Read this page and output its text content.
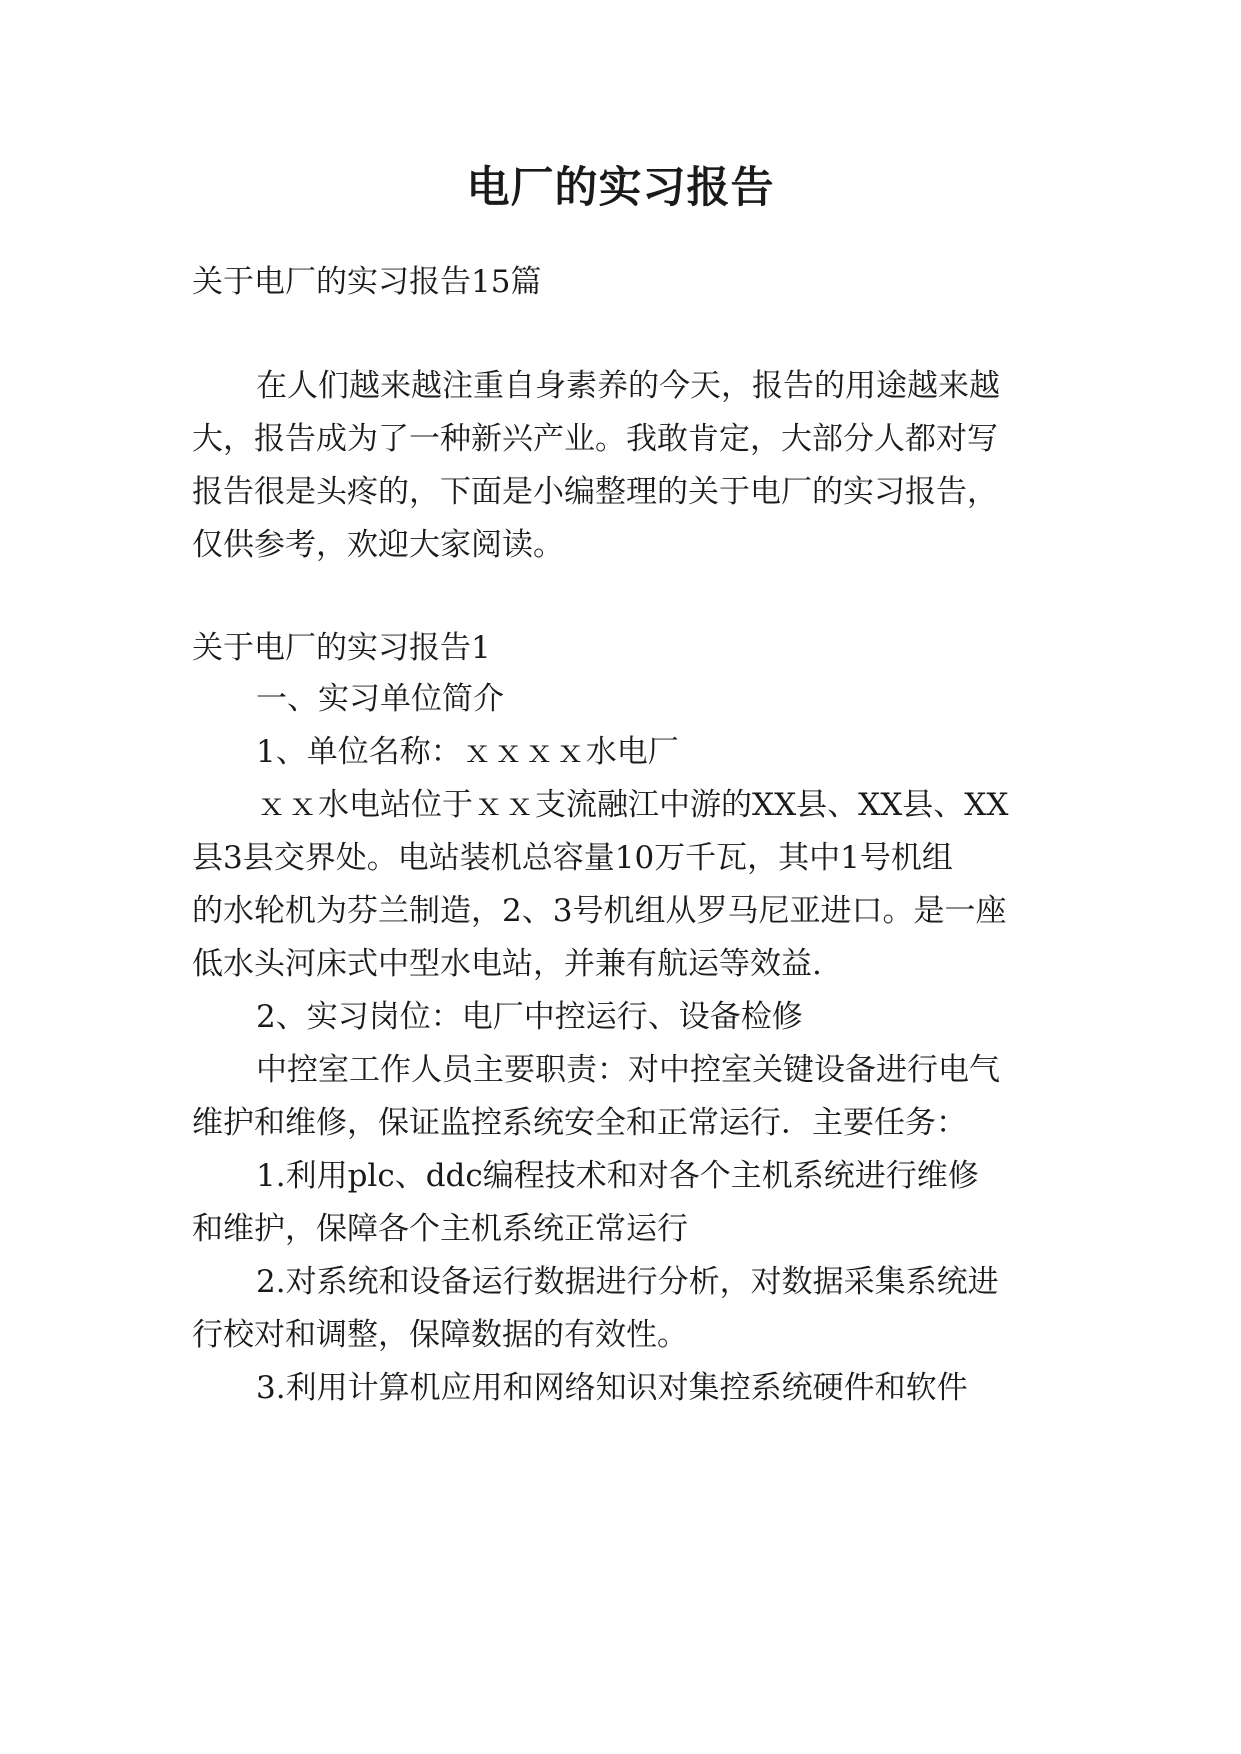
电厂的实习报告

关于电厂的实习报告15篇

在人们越来越注重自身素养的今天，报告的用途越来越

大，报告成为了一种新兴产业。我敢肯定，大部分人都对写

报告很是头疼的，下面是小编整理的关于电厂的实习报告，

仅供参考，欢迎大家阅读。

关于电厂的实习报告1

一、实习单位简介

1、单位名称：ｘｘｘｘ水电厂

ｘｘ水电站位于ｘｘ支流融江中游的XX县、XX县、XX

县3县交界处。电站装机总容量10万千瓦，其中1号机组

的水轮机为芬兰制造，2、3号机组从罗马尼亚进口。是一座

低水头河床式中型水电站，并兼有航运等效益.

2、实习岗位：电厂中控运行、设备检修

中控室工作人员主要职责：对中控室关键设备进行电气

维护和维修，保证监控系统安全和正常运行．主要任务：

1.利用plc、ddc编程技术和对各个主机系统进行维修

和维护，保障各个主机系统正常运行

2.对系统和设备运行数据进行分析，对数据采集系统进

行校对和调整，保障数据的有效性。

3.利用计算机应用和网络知识对集控系统硬件和软件
